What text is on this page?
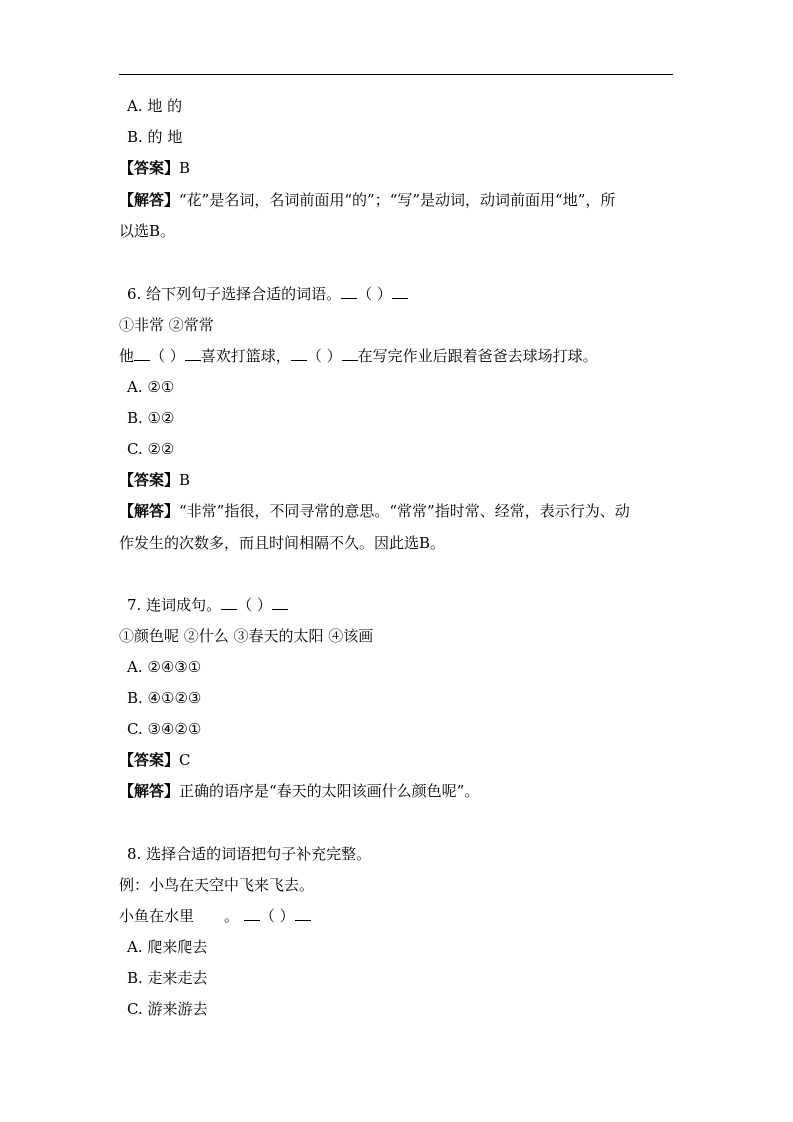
A. 地 的
B. 的 地
【答案】B
【解答】“花”是名词，名词前面用“的”；“写”是动词，动词前面用“地”，所
以选B。
6. 给下列句子选择合适的词语。 （ ）
①非常 ②常常
他 （ ） 喜欢打篮球， （ ） 在写完作业后跟着爸爸去球场打球。
A. ②①
B. ①②
C. ②②
【答案】B
【解答】“非常”指很，不同寻常的意思。“常常”指时常、经常，表示行为、动
作发生的次数多，而且时间相隔不久。因此选B。
7. 连词成句。 （ ）
①颜色呢 ②什么 ③春天的太阳 ④该画
A. ②④③①
B. ④①②③
C. ③④②①
【答案】C
【解答】正确的语序是“春天的太阳该画什么颜色呢”。
8. 选择合适的词语把句子补充完整。
例：小鸟在天空中飞来飞去。
小鱼在水里 。 （ ）
A. 爬来爬去
B. 走来走去
C. 游来游去
